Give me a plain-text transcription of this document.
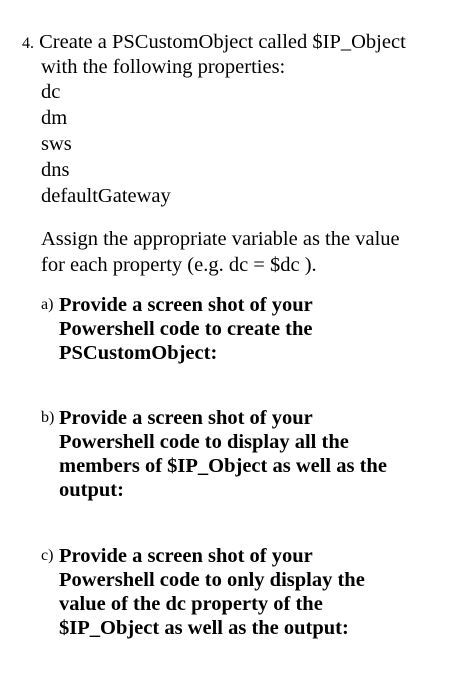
4. Create a PSCustomObject called $IP_Object
with the following properties:
dc
dm
sws
dns
defaultGateway
Assign the appropriate variable as the value
for each property (e.g. dc = $dc ).
a) Provide a screen shot of your
Powershell code to create the
PSCustomObject:
b) Provide a screen shot of your
Powershell code to display all the
members of $IP_Object as well as the
output:
c) Provide a screen shot of your
Powershell code to only display the
value of the dc property of the
$IP_Object as well as the output:
